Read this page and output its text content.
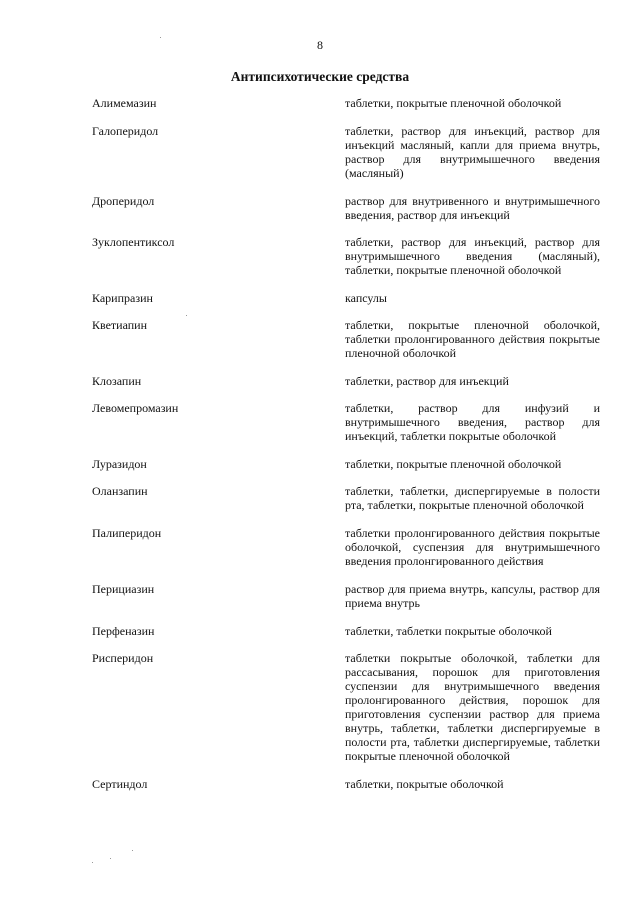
8
Антипсихотические средства
Алимемазин	таблетки, покрытые пленочной оболочкой
Галоперидол	таблетки, раствор для инъекций, раствор для инъекций масляный, капли для приема внутрь, раствор для внутримышечного введения (масляный)
Дроперидол	раствор для внутривенного и внутримышечного введения, раствор для инъекций
Зуклопентиксол	таблетки, раствор для инъекций, раствор для внутримышечного введения (масляный), таблетки, покрытые пленочной оболочкой
Карипразин	капсулы
Кветиапин	таблетки, покрытые пленочной оболочкой, таблетки пролонгированного действия покрытые пленочной оболочкой
Клозапин	таблетки, раствор для инъекций
Левомепромазин	таблетки, раствор для инфузий и внутримышечного введения, раствор для инъекций, таблетки покрытые оболочкой
Луразидон	таблетки, покрытые пленочной оболочкой
Оланзапин	таблетки, таблетки, диспергируемые в полости рта, таблетки, покрытые пленочной оболочкой
Палиперидон	таблетки пролонгированного действия покрытые оболочкой, суспензия для внутримышечного введения пролонгированного действия
Перициазин	раствор для приема внутрь, капсулы, раствор для приема внутрь
Перфеназин	таблетки, таблетки покрытые оболочкой
Рисперидон	таблетки покрытые оболочкой, таблетки для рассасывания, порошок для приготовления суспензии для внутримышечного введения пролонгированного действия, порошок для приготовления суспензии раствор для приема внутрь, таблетки, таблетки диспергируемые в полости рта, таблетки диспергируемые, таблетки покрытые пленочной оболочкой
Сертиндол	таблетки, покрытые оболочкой
